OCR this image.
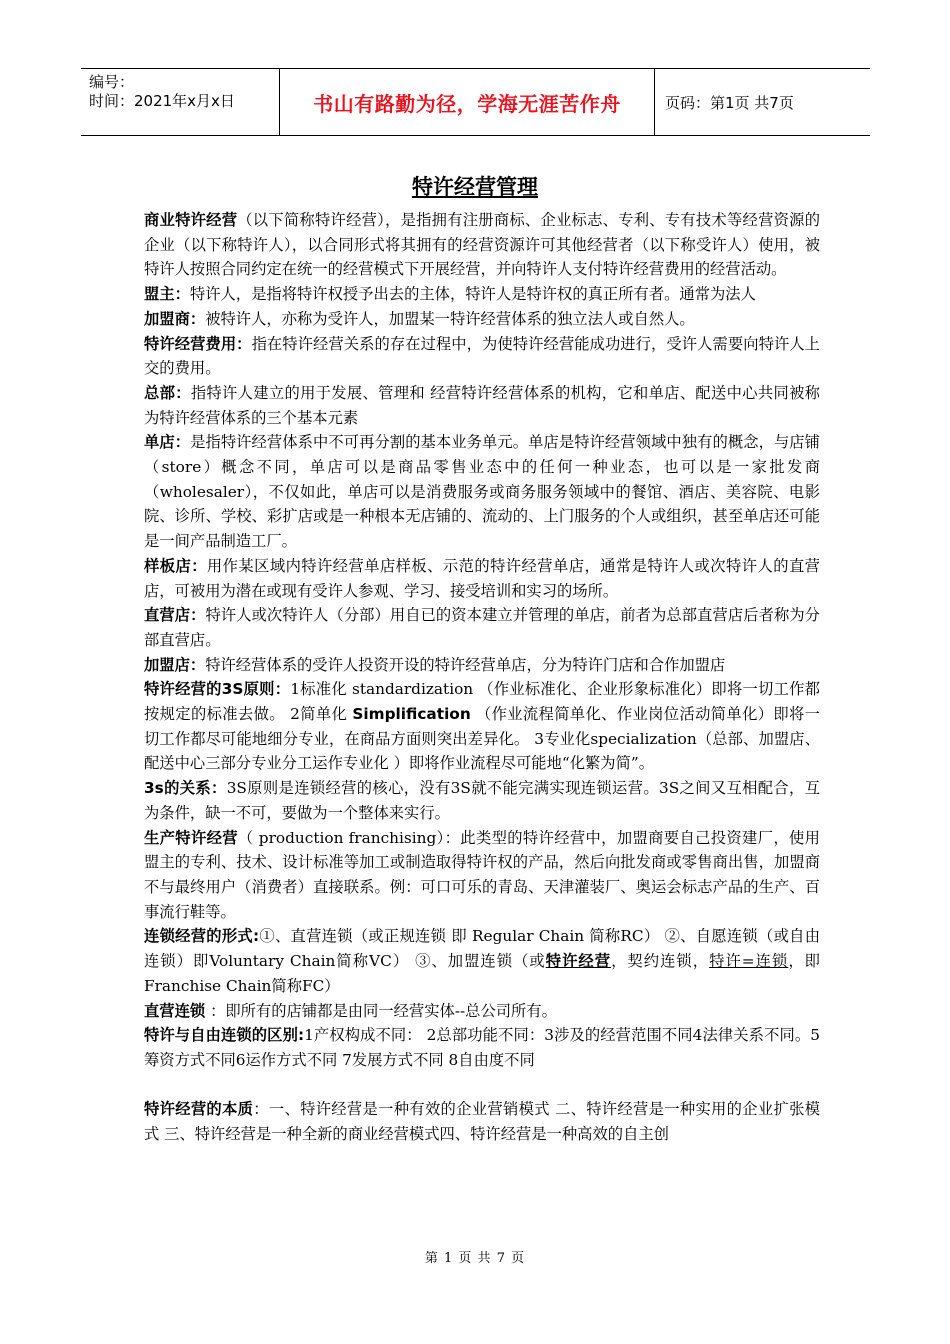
编号：
时间：2021年x月x日	书山有路勤为径，学海无涯苦作舟	页码：第1页 共7页
特许经营管理

商业特许经营（以下简称特许经营），是指拥有注册商标、企业标志、专利、专有技术等经营资源的企业（以下称特许人），以合同形式将其拥有的经营资源许可其他经营者（以下称受许人）使用，被特许人按照合同约定在统一的经营模式下开展经营，并向特许人支付特许经营费用的经营活动。

盟主：特许人，是指将特许权授予出去的主体，特许人是特许权的真正所有者。通常为法人

加盟商：被特许人，亦称为受许人，加盟某一特许经营体系的独立法人或自然人。

特许经营费用：指在特许经营关系的存在过程中，为使特许经营能成功进行，受许人需要向特许人上交的费用。

总部：指特许人建立的用于发展、管理和 经营特许经营体系的机构，它和单店、配送中心共同被称为特许经营体系的三个基本元素

单店：是指特许经营体系中不可再分割的基本业务单元。单店是特许经营领域中独有的概念，与店铺（store）概念不同，单店可以是商品零售业态中的任何一种业态，也可以是一家批发商（wholesaler），不仅如此，单店可以是消费服务或商务服务领域中的餐馆、酒店、美容院、电影院、诊所、学校、彩扩店或是一种根本无店铺的、流动的、上门服务的个人或组织，甚至单店还可能是一间产品制造工厂。

样板店：用作某区域内特许经营单店样板、示范的特许经营单店，通常是特许人或次特许人的直营店，可被用为潜在或现有受许人参观、学习、接受培训和实习的场所。

直营店：特许人或次特许人（分部）用自已的资本建立并管理的单店，前者为总部直营店后者称为分部直营店。

加盟店：特许经营体系的受许人投资开设的特许经营单店，分为特许门店和合作加盟店

特许经营的3S原则：1标准化 standardization （作业标准化、企业形象标准化）即将一切工作都按规定的标准去做。 2简单化 Simplification （作业流程简单化、作业岗位活动简单化）即将一切工作都尽可能地细分专业，在商品方面则突出差异化。 3专业化specialization（总部、加盟店、配送中心三部分专业分工运作专业化 ）即将作业流程尽可能地“化繁为简”。

3s的关系：3S原则是连锁经营的核心，没有3S就不能完满实现连锁运营。3S之间又互相配合，互为条件，缺一不可，要做为一个整体来实行。

生产特许经营（ production franchising）：此类型的特许经营中，加盟商要自己投资建厂，使用盟主的专利、技术、设计标准等加工或制造取得特许权的产品，然后向批发商或零售商出售，加盟商不与最终用户（消费者）直接联系。例：可口可乐的青岛、天津灌装厂、奥运会标志产品的生产、百事流行鞋等。

连锁经营的形式:①、直营连锁（或正规连锁 即 Regular Chain 简称RC） ②、自愿连锁（或自由连锁）即Voluntary Chain简称VC） ③、加盟连锁（或特许经营，契约连锁，特许=连锁，即Franchise Chain简称FC）

直营连锁 ：即所有的店铺都是由同一经营实体--总公司所有。

特许与自由连锁的区别:1产权构成不同： 2总部功能不同：3涉及的经营范围不同4法律关系不同。5筹资方式不同6运作方式不同 7发展方式不同 8自由度不同

特许经营的本质：一、特许经营是一种有效的企业营销模式 二、特许经营是一种实用的企业扩张模式 三、特许经营是一种全新的商业经营模式四、特许经营是一种高效的自主创

第 1 页 共 7 页
